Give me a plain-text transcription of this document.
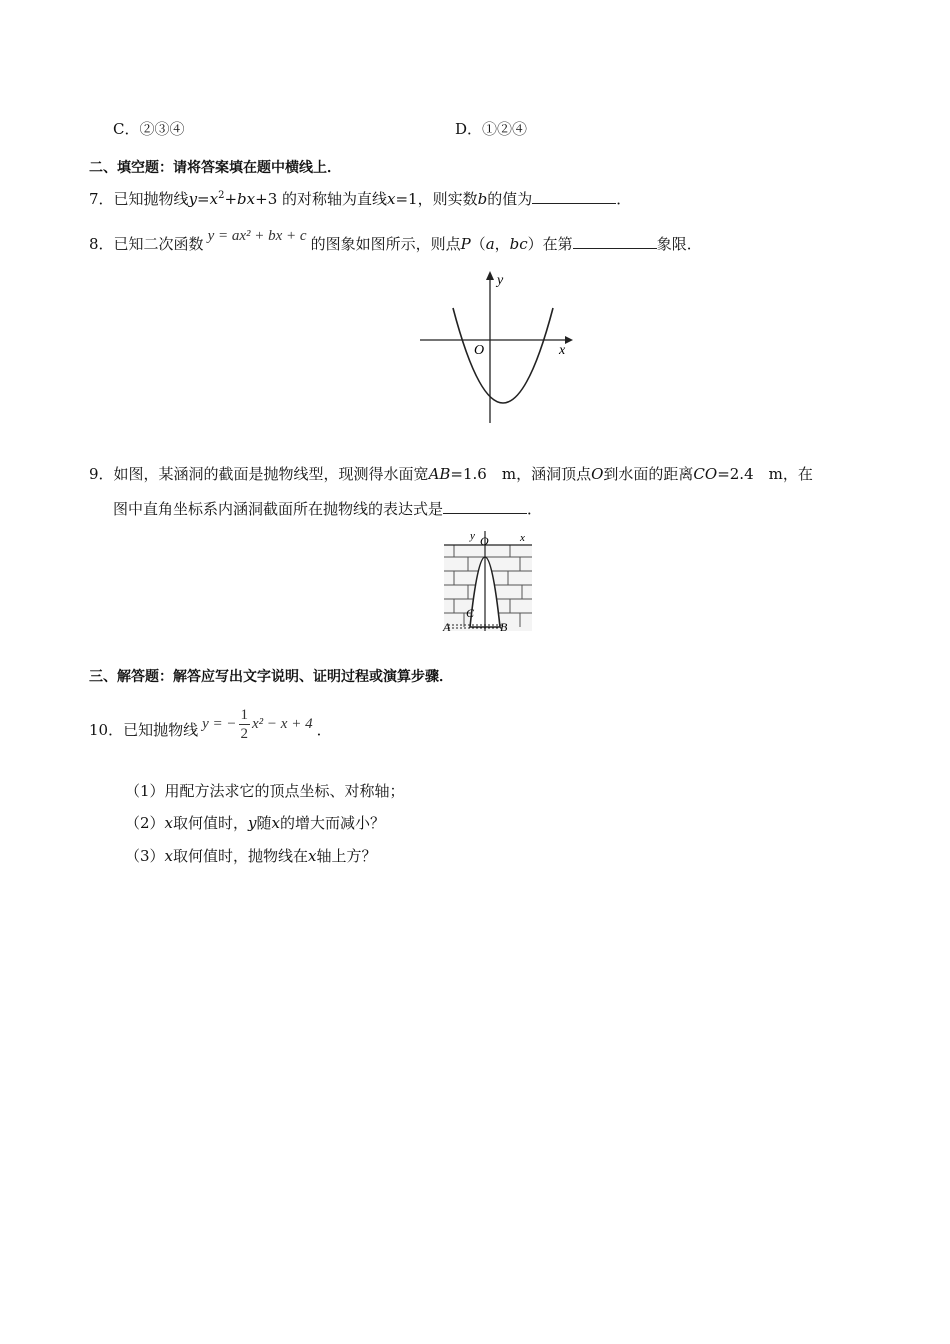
C．②③④	D．①②④
二、填空题：请将答案填在题中横线上．
7．已知抛物线$y=x^2+bx+3$ 的对称轴为直线x=1，则实数b的值为	．
8．已知二次函数 y = ax² + bx + c 的图象如图所示，则点P（a，bc）在第	象限．
y
x
O
9．如图，某涵洞的截面是抛物线型，现测得水面宽AB=1.6　m，涵洞顶点O到水面的距离CO=2.4　m，在
图中直角坐标系内涵洞截面所在抛物线的表达式是	．
y O	x
C
A	B
三、解答题：解答应写出文字说明、证明过程或演算步骤．
10． 已知抛物线 y = − $\frac{1}{2} x^2 - x + 4$ ．
（1）用配方法求它的顶点坐标、对称轴；
（2）x取何值时，y随x的增大而减小？
（3）x取何值时，抛物线在x轴上方？
